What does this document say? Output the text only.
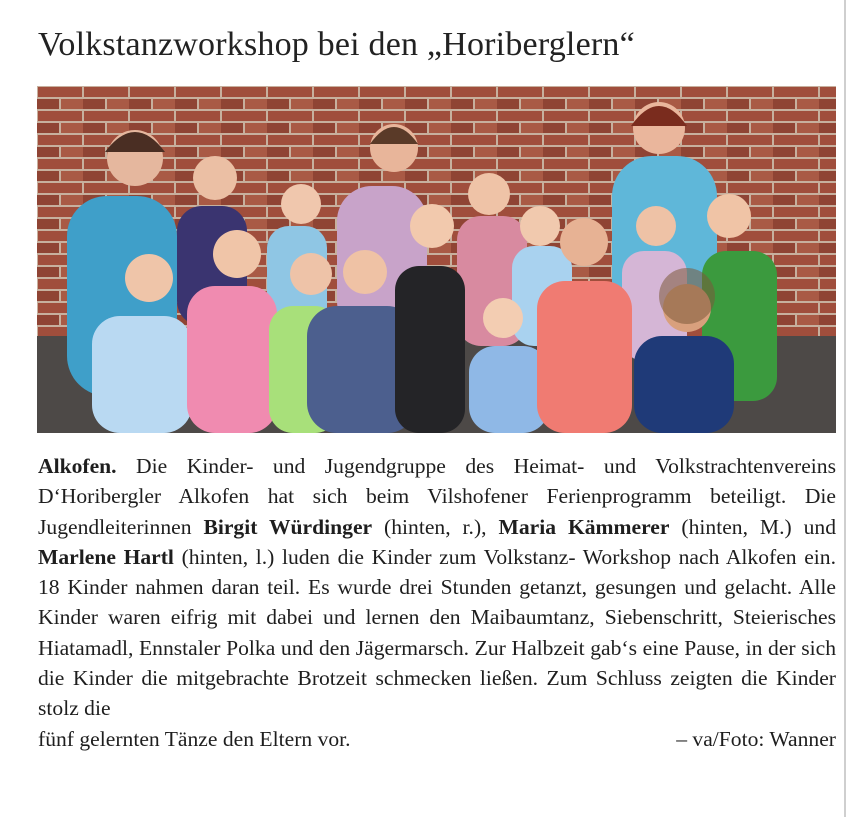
Volkstanzworkshop bei den „Horiberglern“

Alkofen. Die Kinder- und Jugendgruppe des Heimat- und Volkstrachtenvereins D‘Horibergler Alkofen hat sich beim Vilshofener Ferienprogramm beteiligt. Die Jugendleiterinnen Birgit Würdinger (hinten, r.), Maria Kämmerer (hinten, M.) und Marlene Hartl (hinten, l.) luden die Kinder zum Volkstanz- Workshop nach Alkofen ein. 18 Kinder nahmen daran teil. Es wurde drei Stunden getanzt, gesungen und gelacht. Alle Kinder waren eifrig mit dabei und lernen den Maibaumtanz, Siebenschritt, Steierisches Hiatamadl, Ennstaler Polka und den Jägermarsch. Zur Halbzeit gab‘s eine Pause, in der sich die Kinder die mitgebrachte Brotzeit schmecken ließen. Zum Schluss zeigten die Kinder stolz die

fünf gelernten Tänze den Eltern vor.	– va/Foto: Wanner
